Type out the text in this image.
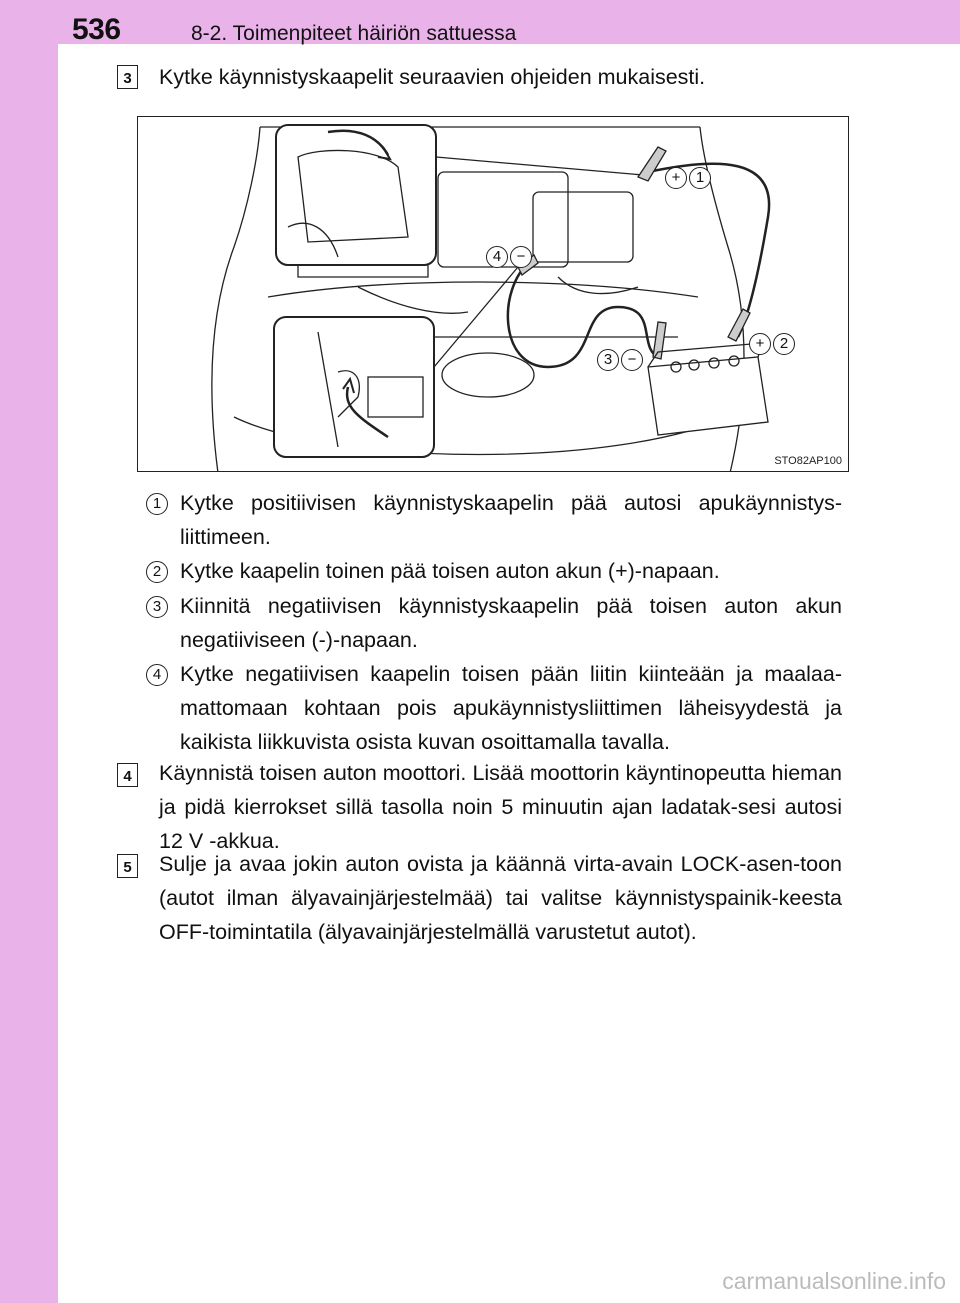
536	8-2. Toimenpiteet häiriön sattuessa
3 Kytke käynnistyskaapelit seuraavien ohjeiden mukaisesti.
+	1
+	2
3	−
4	−
STO82AP100
1 Kytke positiivisen käynnistyskaapelin pää autosi apukäynnistys-liittimeen.
2 Kytke kaapelin toinen pää toisen auton akun (+)-napaan.
3 Kiinnitä negatiivisen käynnistyskaapelin pää toisen auton akun negatiiviseen (-)-napaan.
4 Kytke negatiivisen kaapelin toisen pään liitin kiinteään ja maalaa-mattomaan kohtaan pois apukäynnistysliittimen läheisyydestä ja kaikista liikkuvista osista kuvan osoittamalla tavalla.
4 Käynnistä toisen auton moottori. Lisää moottorin käyntinopeutta hieman ja pidä kierrokset sillä tasolla noin 5 minuutin ajan ladatak-sesi autosi 12 V -akkua.
5 Sulje ja avaa jokin auton ovista ja käännä virta-avain LOCK-asen-toon (autot ilman älyavainjärjestelmää) tai valitse käynnistyspainik-keesta OFF-toimintatila (älyavainjärjestelmällä varustetut autot).
carmanualsonline.info
